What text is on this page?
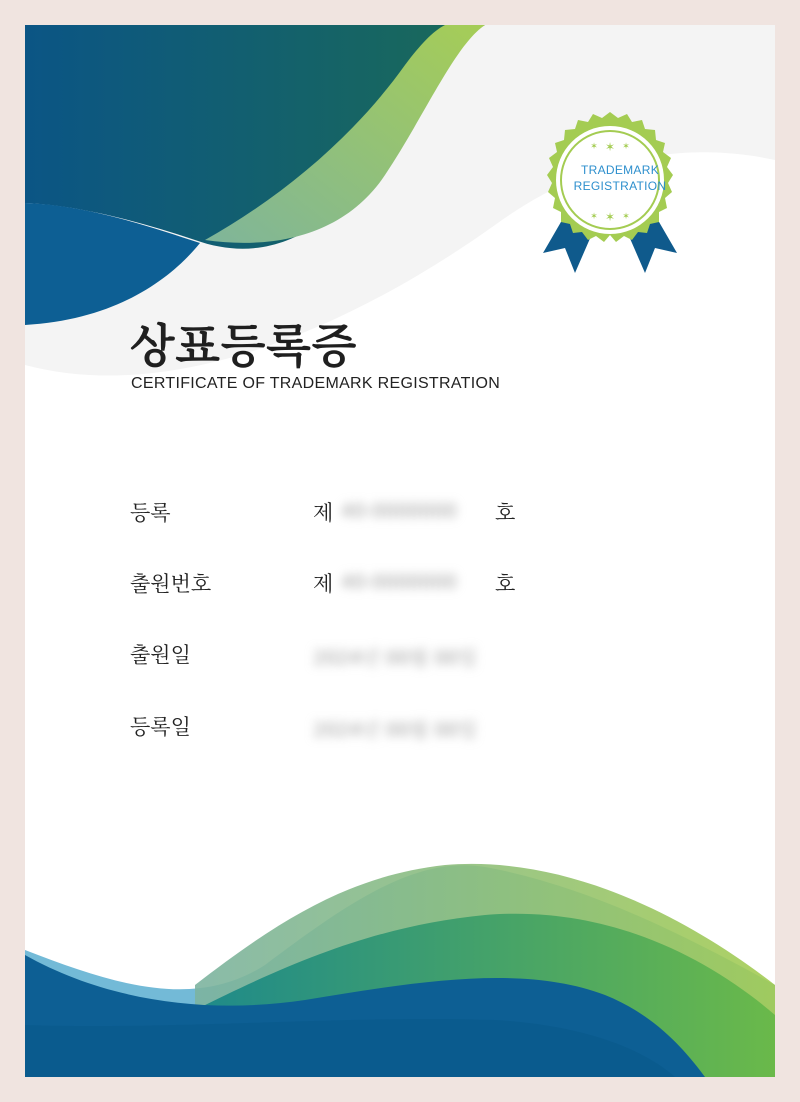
✶ ✶ ✶
✶ ✶ ✶
TRADEMARK
REGISTRATION
상표등록증

CERTIFICATE OF TRADEMARK REGISTRATION

등록	제 40-0000000 호
출원번호	제 40-0000000 호
출원일	2024년 00월 00일
등록일	2024년 00월 00일
